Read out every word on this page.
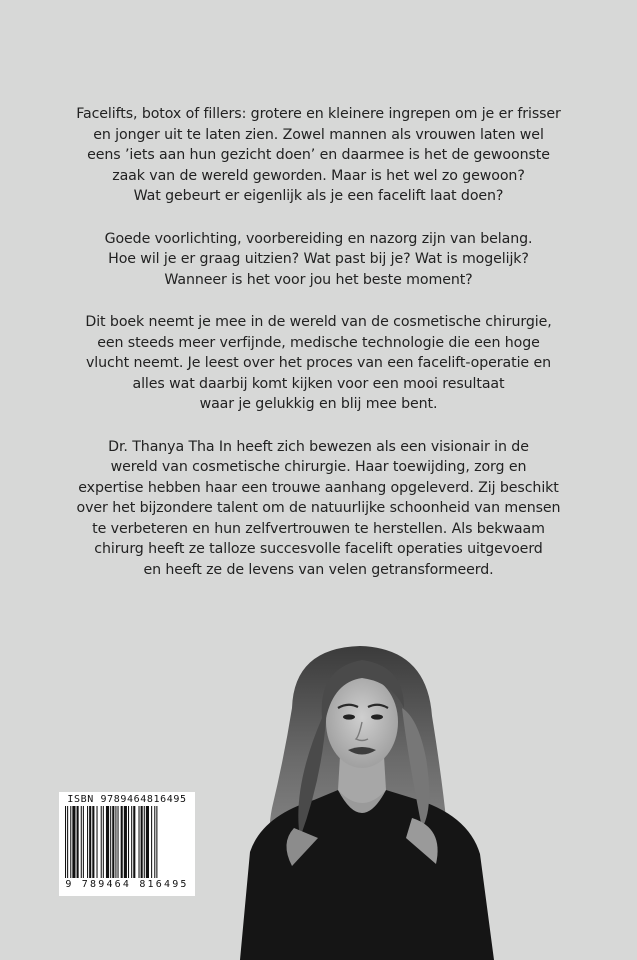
Facelifts, botox of fillers: grotere en kleinere ingrepen om je er frisser
en jonger uit te laten zien. Zowel mannen als vrouwen laten wel
eens ’iets aan hun gezicht doen’ en daarmee is het de gewoonste
zaak van de wereld geworden. Maar is het wel zo gewoon?
Wat gebeurt er eigenlijk als je een facelift laat doen?

Goede voorlichting, voorbereiding en nazorg zijn van belang.
Hoe wil je er graag uitzien? Wat past bij je? Wat is mogelijk?
Wanneer is het voor jou het beste moment?

Dit boek neemt je mee in de wereld van de cosmetische chirurgie,
een steeds meer verfijnde, medische technologie die een hoge
vlucht neemt. Je leest over het proces van een facelift-operatie en
alles wat daarbij komt kijken voor een mooi resultaat
waar je gelukkig en blij mee bent.

Dr. Thanya Tha In heeft zich bewezen als een visionair in de
wereld van cosmetische chirurgie. Haar toewijding, zorg en
expertise hebben haar een trouwe aanhang opgeleverd. Zij beschikt
over het bijzondere talent om de natuurlijke schoonheid van mensen
te verbeteren en hun zelfvertrouwen te herstellen. Als bekwaam
chirurg heeft ze talloze succesvolle facelift operaties uitgevoerd
en heeft ze de levens van velen getransformeerd.

ISBN 9789464816495
9 789464 816495
